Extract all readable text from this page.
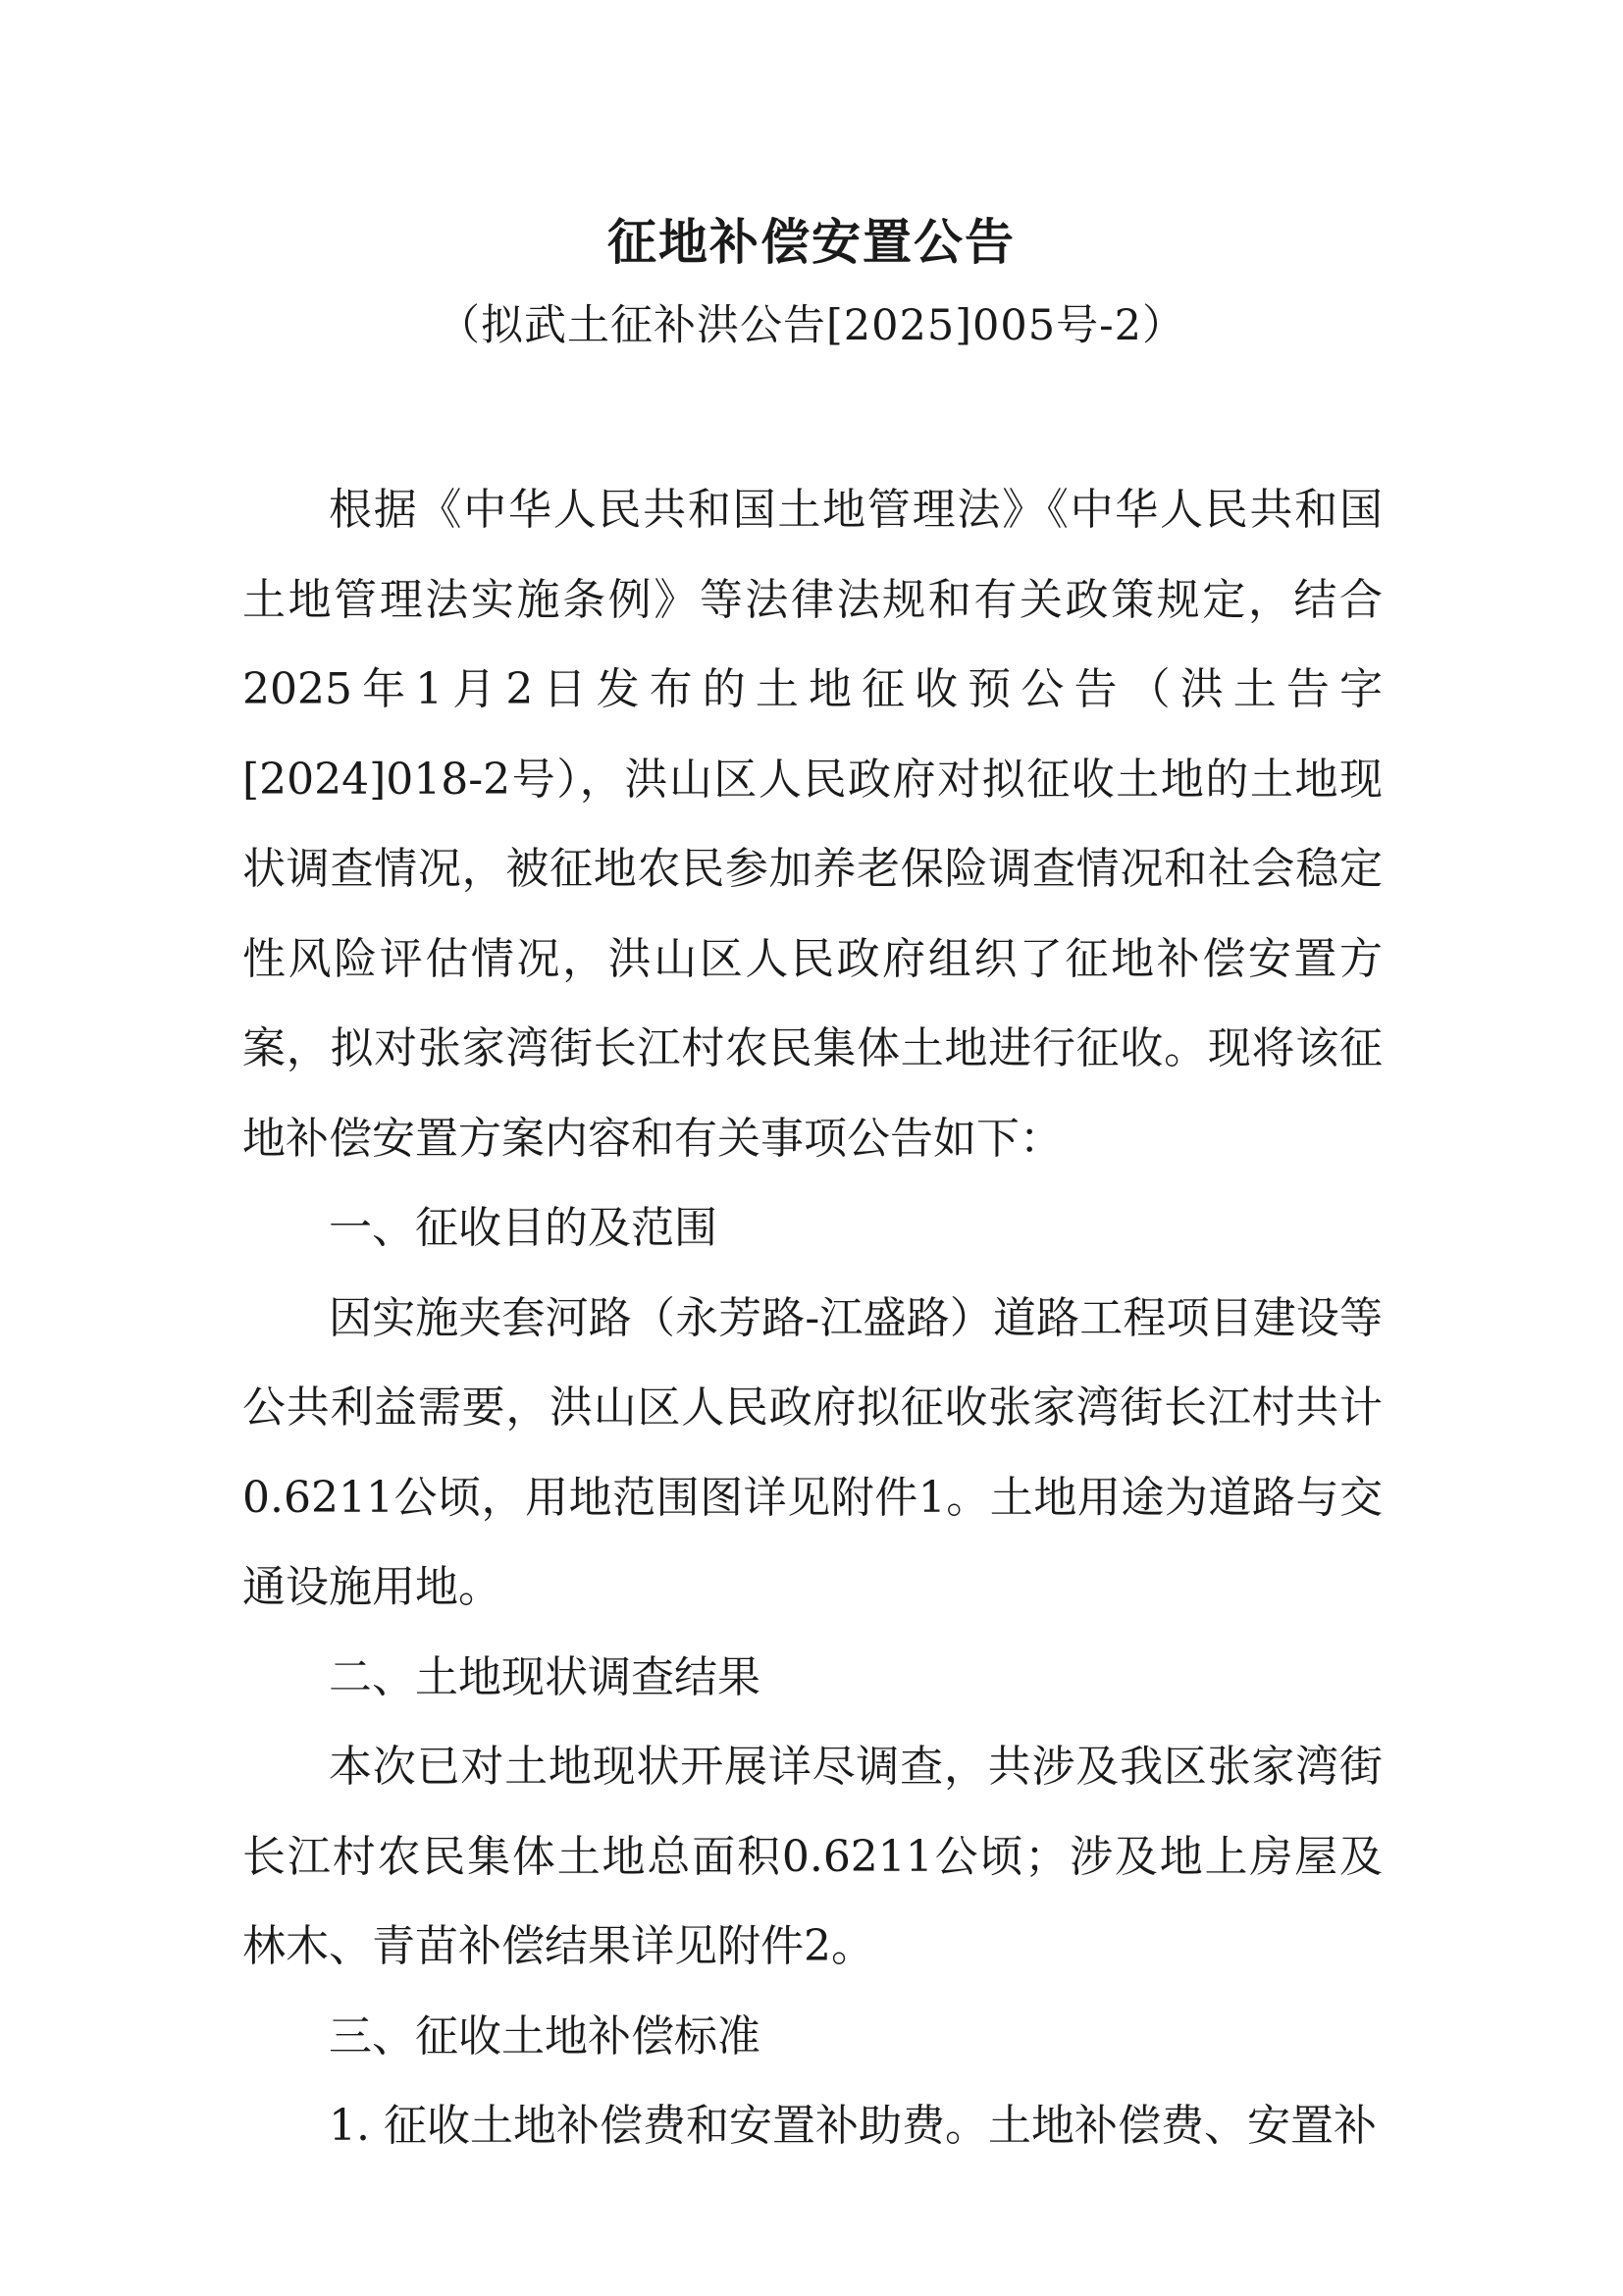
征地补偿安置公告
（拟武土征补洪公告[2025]005号-2）

根据《中华人民共和国土地管理法》《中华人民共和国土地管理法实施条例》等法律法规和有关政策规定，结合2025年1月2日发布的土地征收预公告（洪土告字[2024]018-2号），洪山区人民政府对拟征收土地的土地现状调查情况，被征地农民参加养老保险调查情况和社会稳定性风险评估情况，洪山区人民政府组织了征地补偿安置方案，拟对张家湾街长江村农民集体土地进行征收。现将该征地补偿安置方案内容和有关事项公告如下：

一、征收目的及范围

因实施夹套河路（永芳路-江盛路）道路工程项目建设等公共利益需要，洪山区人民政府拟征收张家湾街长江村共计0.6211公顷，用地范围图详见附件1。土地用途为道路与交通设施用地。

二、土地现状调查结果

本次已对土地现状开展详尽调查，共涉及我区张家湾街长江村农民集体土地总面积0.6211公顷；涉及地上房屋及林木、青苗补偿结果详见附件2。

三、征收土地补偿标准

1. 征收土地补偿费和安置补助费。土地补偿费、安置补
